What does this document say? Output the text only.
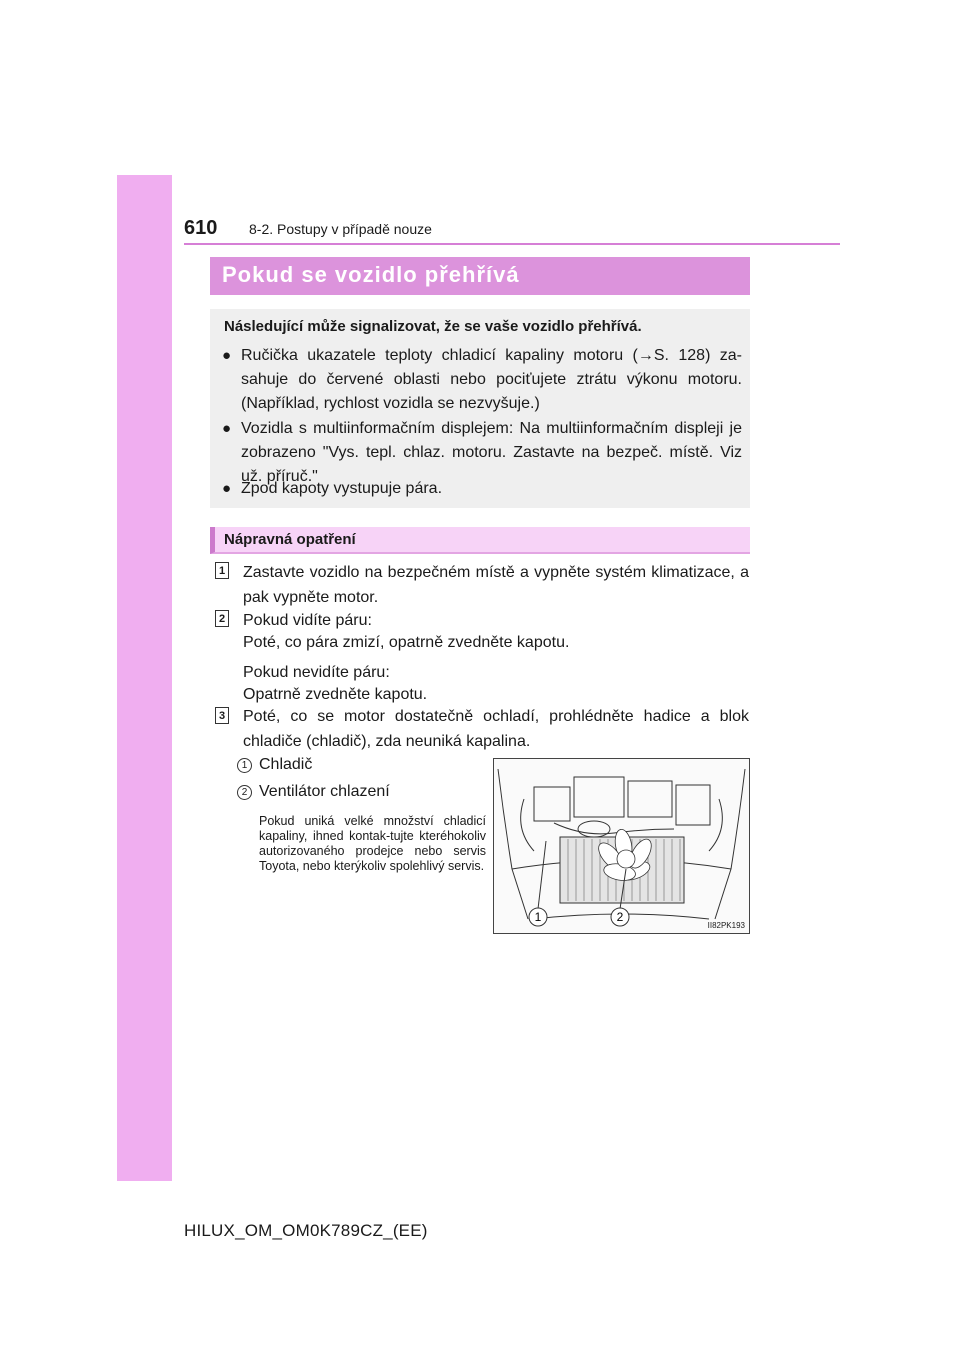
610 8-2. Postupy v případě nouze
Pokud se vozidlo přehřívá
Následující může signalizovat, že se vaše vozidlo přehřívá.
● Ručička ukazatele teploty chladicí kapaliny motoru (→S. 128) za-sahuje do červené oblasti nebo pociťujete ztrátu výkonu motoru. (Například, rychlost vozidla se nezvyšuje.)
● Vozidla s multiinformačním displejem: Na multiinformačním displeji je zobrazeno "Vys. tepl. chlaz. motoru. Zastavte na bezpeč. místě. Viz už. příruč."
● Zpod kapoty vystupuje pára.
Nápravná opatření
1 Zastavte vozidlo na bezpečném místě a vypněte systém klimatizace, a pak vypněte motor.
2 Pokud vidíte páru:
Poté, co pára zmizí, opatrně zvedněte kapotu.
Pokud nevidíte páru:
Opatrně zvedněte kapotu.
3 Poté, co se motor dostatečně ochladí, prohlédněte hadice a blok chladiče (chladič), zda neuniká kapalina.
1 Chladič
2 Ventilátor chlazení
Pokud uniká velké množství chladicí kapaliny, ihned kontak-tujte kteréhokoliv autorizovaného prodejce nebo servis Toyota, nebo kterýkoliv spolehlivý servis.
1	2
II82PK193
HILUX_OM_OM0K789CZ_(EE)
